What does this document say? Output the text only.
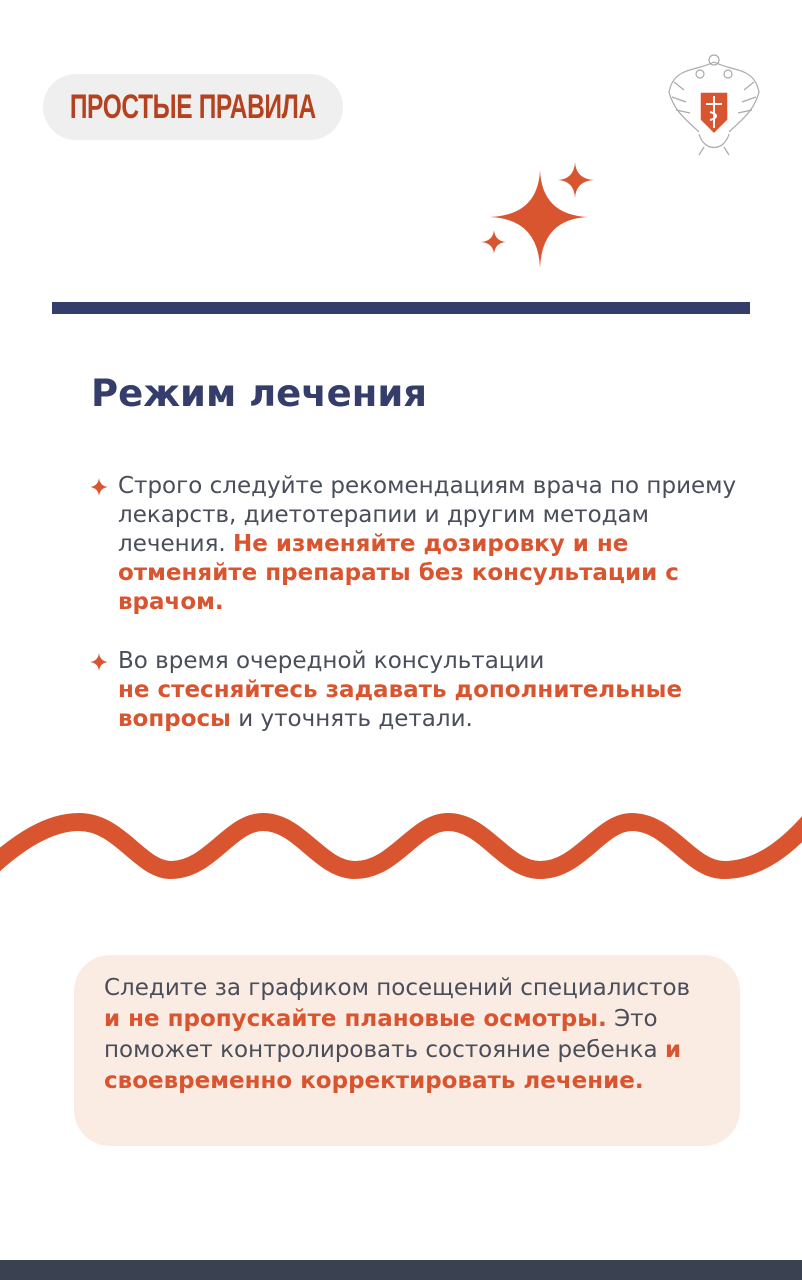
ПРОСТЫЕ ПРАВИЛА
Режим лечения
Строго следуйте рекомендациям врача по приему лекарств, диетотерапии и другим методам лечения. Не изменяйте дозировку и не отменяйте препараты без консультации с врачом.
Во время очередной консультации
не стесняйтесь задавать дополнительные вопросы и уточнять детали.
Следите за графиком посещений специалистов и не пропускайте плановые осмотры. Это поможет контролировать состояние ребенка и своевременно корректировать лечение.
